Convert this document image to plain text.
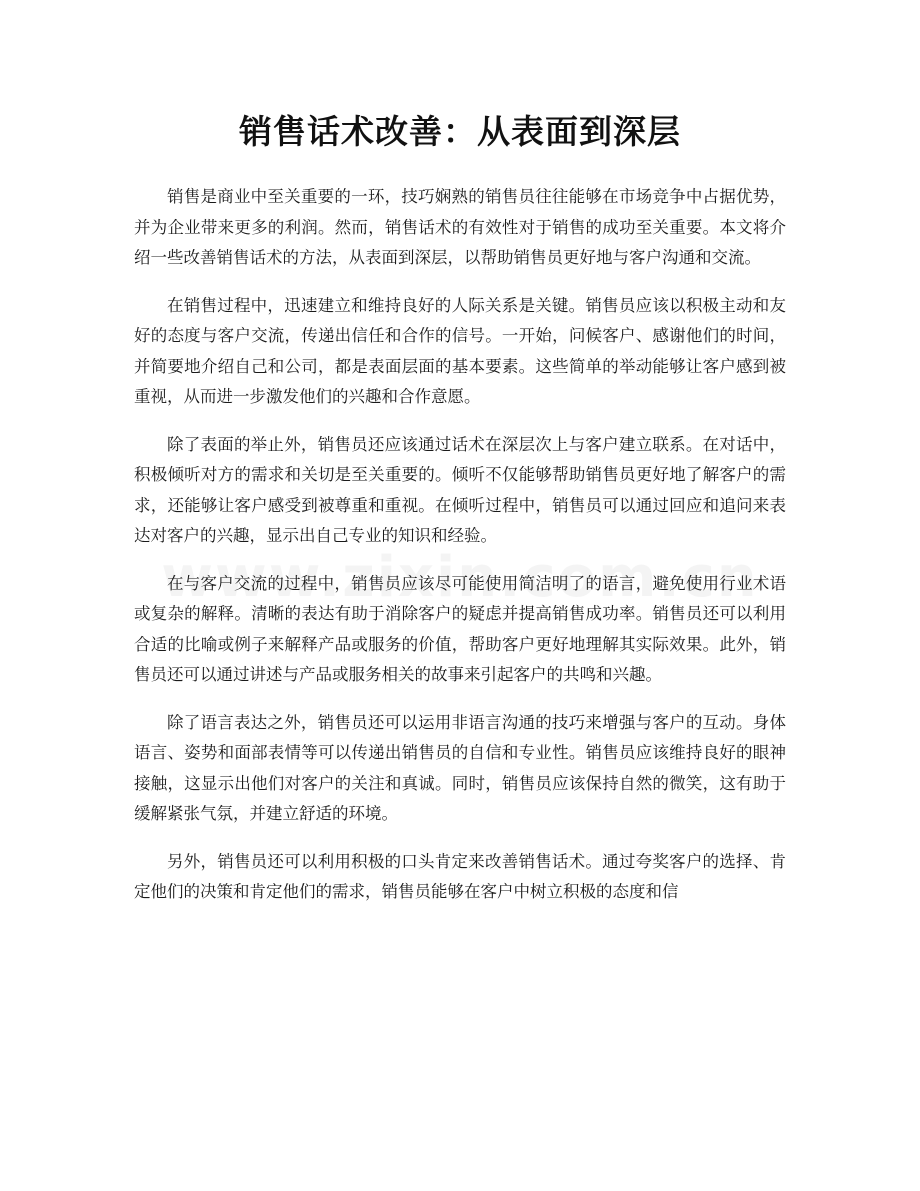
销售话术改善：从表面到深层

销售是商业中至关重要的一环，技巧娴熟的销售员往往能够在市场竞争中占据优势，并为企业带来更多的利润。然而，销售话术的有效性对于销售的成功至关重要。本文将介绍一些改善销售话术的方法，从表面到深层，以帮助销售员更好地与客户沟通和交流。

在销售过程中，迅速建立和维持良好的人际关系是关键。销售员应该以积极主动和友好的态度与客户交流，传递出信任和合作的信号。一开始，问候客户、感谢他们的时间，并简要地介绍自己和公司，都是表面层面的基本要素。这些简单的举动能够让客户感到被重视，从而进一步激发他们的兴趣和合作意愿。

除了表面的举止外，销售员还应该通过话术在深层次上与客户建立联系。在对话中，积极倾听对方的需求和关切是至关重要的。倾听不仅能够帮助销售员更好地了解客户的需求，还能够让客户感受到被尊重和重视。在倾听过程中，销售员可以通过回应和追问来表达对客户的兴趣，显示出自己专业的知识和经验。

在与客户交流的过程中，销售员应该尽可能使用简洁明了的语言，避免使用行业术语或复杂的解释。清晰的表达有助于消除客户的疑虑并提高销售成功率。销售员还可以利用合适的比喻或例子来解释产品或服务的价值，帮助客户更好地理解其实际效果。此外，销售员还可以通过讲述与产品或服务相关的故事来引起客户的共鸣和兴趣。

除了语言表达之外，销售员还可以运用非语言沟通的技巧来增强与客户的互动。身体语言、姿势和面部表情等可以传递出销售员的自信和专业性。销售员应该维持良好的眼神接触，这显示出他们对客户的关注和真诚。同时，销售员应该保持自然的微笑，这有助于缓解紧张气氛，并建立舒适的环境。

另外，销售员还可以利用积极的口头肯定来改善销售话术。通过夸奖客户的选择、肯定他们的决策和肯定他们的需求，销售员能够在客户中树立积极的态度和信
